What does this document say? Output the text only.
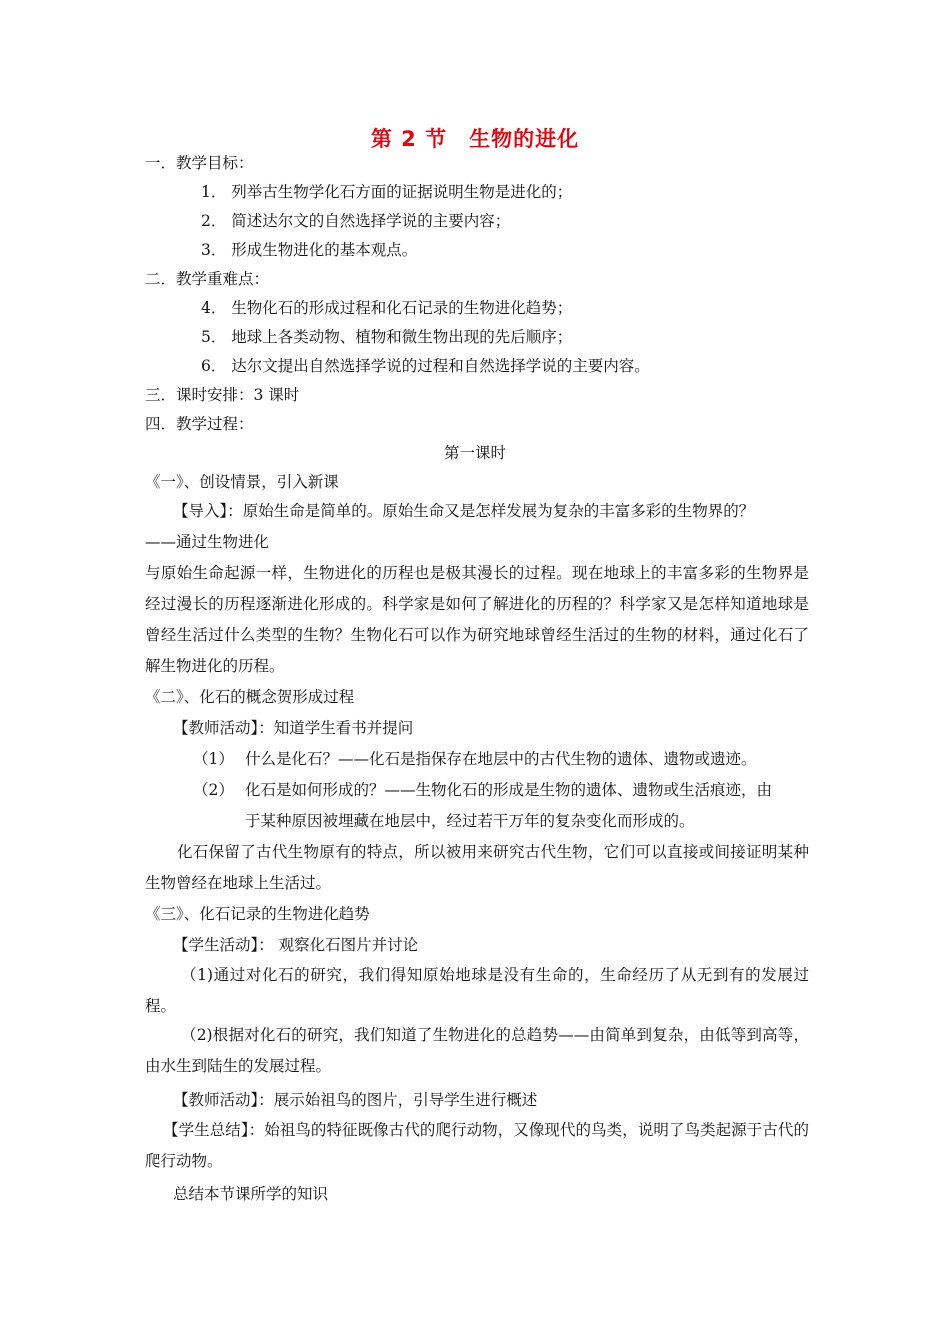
第 2 节　生物的进化
一．教学目标：
1． 列举古生物学化石方面的证据说明生物是进化的；
2． 简述达尔文的自然选择学说的主要内容；
3． 形成生物进化的基本观点。
二．教学重难点：
4． 生物化石的形成过程和化石记录的生物进化趋势；
5． 地球上各类动物、植物和微生物出现的先后顺序；
6． 达尔文提出自然选择学说的过程和自然选择学说的主要内容。
三．课时安排：3 课时
四．教学过程：
第一课时
《一》、创设情景，引入新课
【导入】：原始生命是简单的。原始生命又是怎样发展为复杂的丰富多彩的生物界的？
——通过生物进化
与原始生命起源一样，生物进化的历程也是极其漫长的过程。现在地球上的丰富多彩的生物界是经过漫长的历程逐渐进化形成的。科学家是如何了解进化的历程的？科学家又是怎样知道地球是曾经生活过什么类型的生物？生物化石可以作为研究地球曾经生活过的生物的材料，通过化石了解生物进化的历程。
《二》、化石的概念贺形成过程
【教师活动】：知道学生看书并提问
（1） 什么是化石？——化石是指保存在地层中的古代生物的遗体、遗物或遗迹。
（2） 化石是如何形成的？——生物化石的形成是生物的遗体、遗物或生活痕迹，由
于某种原因被埋藏在地层中，经过若干万年的复杂变化而形成的。
化石保留了古代生物原有的特点，所以被用来研究古代生物，它们可以直接或间接证明某种生物曾经在地球上生活过。
《三》、化石记录的生物进化趋势
【学生活动】： 观察化石图片并讨论
（1)通过对化石的研究，我们得知原始地球是没有生命的，生命经历了从无到有的发展过程。
（2)根据对化石的研究，我们知道了生物进化的总趋势——由简单到复杂，由低等到高等，由水生到陆生的发展过程。
【教师活动】：展示始祖鸟的图片，引导学生进行概述
【学生总结】：始祖鸟的特征既像古代的爬行动物，又像现代的鸟类，说明了鸟类起源于古代的爬行动物。
总结本节课所学的知识
